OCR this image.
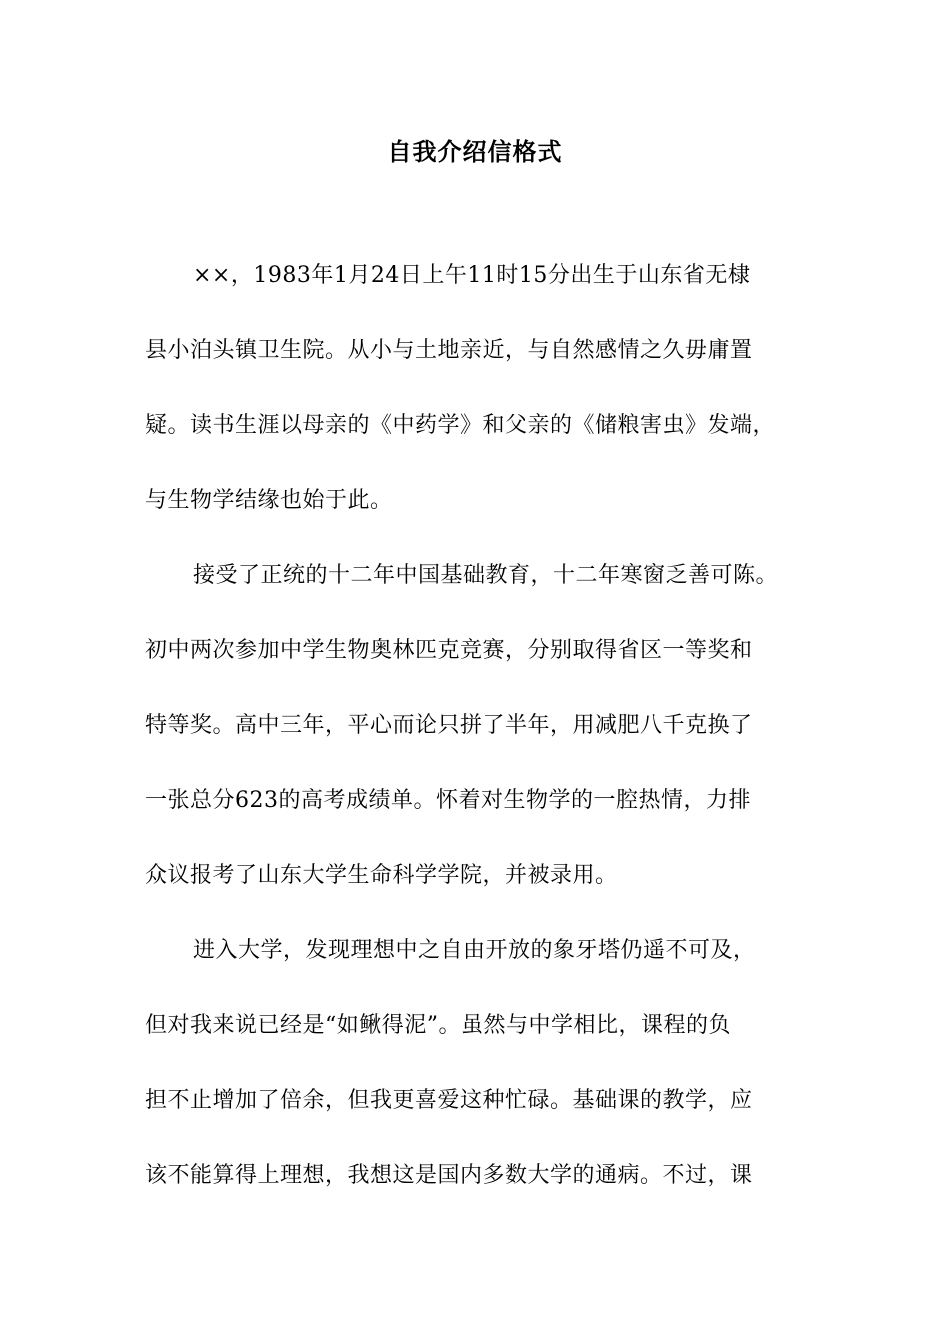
自我介绍信格式
××，1983年1月24日上午11时15分出生于山东省无棣
县小泊头镇卫生院。从小与土地亲近，与自然感情之久毋庸置
疑。读书生涯以母亲的《中药学》和父亲的《储粮害虫》发端，
与生物学结缘也始于此。
接受了正统的十二年中国基础教育，十二年寒窗乏善可陈。
初中两次参加中学生物奥林匹克竞赛，分别取得省区一等奖和
特等奖。高中三年，平心而论只拼了半年，用减肥八千克换了
一张总分623的高考成绩单。怀着对生物学的一腔热情，力排
众议报考了山东大学生命科学学院，并被录用。
进入大学，发现理想中之自由开放的象牙塔仍遥不可及，
但对我来说已经是“如鳅得泥”。虽然与中学相比，课程的负
担不止增加了倍余，但我更喜爱这种忙碌。基础课的教学，应
该不能算得上理想，我想这是国内多数大学的通病。不过，课
